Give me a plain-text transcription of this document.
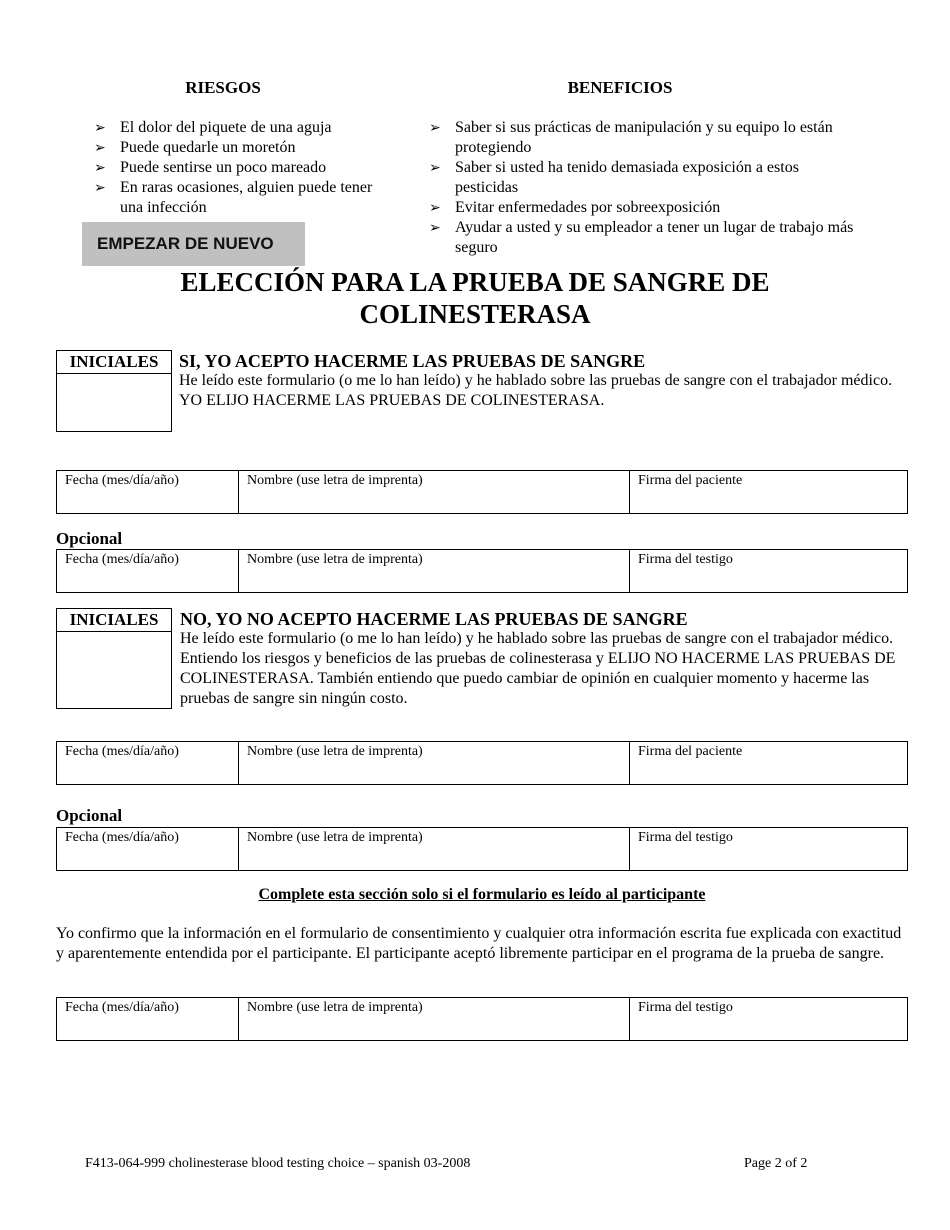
RIESGOS
➢ El dolor del piquete de una aguja
➢ Puede quedarle un moretón
➢ Puede sentirse un poco mareado
➢ En raras ocasiones, alguien puede tener una infección
BENEFICIOS
➢ Saber si sus prácticas de manipulación y su equipo lo están protegiendo
➢ Saber si usted ha tenido demasiada exposición a estos pesticidas
➢ Evitar enfermedades por sobreexposición
➢ Ayudar a usted y su empleador a tener un lugar de trabajo más seguro
EMPEZAR DE NUEVO
ELECCIÓN PARA LA PRUEBA DE SANGRE DE
COLINESTERASA
INICIALES	SI, YO ACEPTO HACERME LAS PRUEBAS DE SANGRE
He leído este formulario (o me lo han leído) y he hablado sobre las pruebas de sangre con el trabajador médico.
YO ELIJO HACERME LAS PRUEBAS DE COLINESTERASA.
Fecha (mes/día/año)	Nombre (use letra de imprenta)	Firma del paciente
Opcional
Fecha (mes/día/año)	Nombre (use letra de imprenta)	Firma del testigo
INICIALES	NO, YO NO ACEPTO HACERME LAS PRUEBAS DE SANGRE
He leído este formulario (o me lo han leído) y he hablado sobre las pruebas de sangre con el trabajador médico. Entiendo los riesgos y beneficios de las pruebas de colinesterasa y ELIJO NO HACERME LAS PRUEBAS DE COLINESTERASA. También entiendo que puedo cambiar de opinión en cualquier momento y hacerme las pruebas de sangre sin ningún costo.
Fecha (mes/día/año)	Nombre (use letra de imprenta)	Firma del paciente
Opcional
Fecha (mes/día/año)	Nombre (use letra de imprenta)	Firma del testigo
Complete esta sección solo si el formulario es leído al participante
Yo confirmo que la información en el formulario de consentimiento y cualquier otra información escrita fue explicada con exactitud y aparentemente entendida por el participante. El participante aceptó libremente participar en el programa de la prueba de sangre.
Fecha (mes/día/año)	Nombre (use letra de imprenta)	Firma del testigo
F413-064-999 cholinesterase blood testing choice – spanish 03-2008	Page 2 of 2
